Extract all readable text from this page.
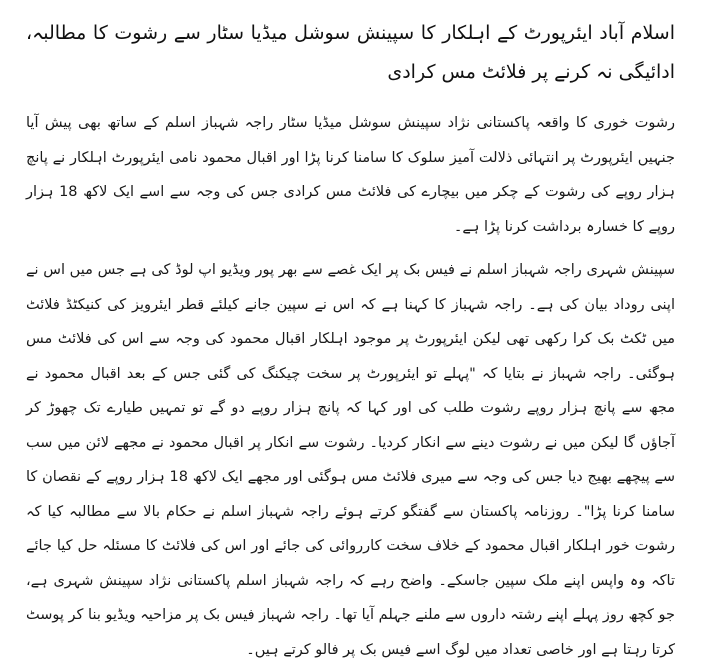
اسلام آباد ایئرپورٹ کے اہلکار کا سپینش سوشل میڈیا سٹار سے رشوت کا مطالبہ، ادائیگی نہ کرنے پر فلائٹ مس کرادی

رشوت خوری کا واقعہ پاکستانی نژاد سپینش سوشل میڈیا سٹار راجہ شہباز اسلم کے ساتھ بھی پیش آیا جنہیں ایئرپورٹ پر انتہائی ذلالت آمیز سلوک کا سامنا کرنا پڑا اور اقبال محمود نامی ایئرپورٹ اہلکار نے پانچ ہزار روپے کی رشوت کے چکر میں بیچارے کی فلائٹ مس کرادی جس کی وجہ سے اسے ایک لاکھ 18 ہزار روپے کا خسارہ برداشت کرنا پڑا ہے۔

سپینش شہری راجہ شہباز اسلم نے فیس بک پر ایک غصے سے بھر پور ویڈیو اپ لوڈ کی ہے جس میں اس نے اپنی روداد بیان کی ہے۔ راجہ شہباز کا کہنا ہے کہ اس نے سپین جانے کیلئے قطر ایئرویز کی کنیکٹڈ فلائٹ میں ٹکٹ بک کرا رکھی تھی لیکن ایئرپورٹ پر موجود اہلکار اقبال محمود کی وجہ سے اس کی فلائٹ مس ہوگئی۔ راجہ شہباز نے بتایا کہ "پہلے تو ایئرپورٹ پر سخت چیکنگ کی گئی جس کے بعد اقبال محمود نے مجھ سے پانچ ہزار روپے رشوت طلب کی اور کہا کہ پانچ ہزار روپے دو گے تو تمہیں طیارے تک چھوڑ کر آجاؤں گا لیکن میں نے رشوت دینے سے انکار کردیا۔ رشوت سے انکار پر اقبال محمود نے مجھے لائن میں سب سے پیچھے بھیج دیا جس کی وجہ سے میری فلائٹ مس ہوگئی اور مجھے ایک لاکھ 18 ہزار روپے کے نقصان کا سامنا کرنا پڑا"۔ روزنامہ پاکستان سے گفتگو کرتے ہوئے راجہ شہباز اسلم نے حکام بالا سے مطالبہ کیا کہ رشوت خور اہلکار اقبال محمود کے خلاف سخت کارروائی کی جائے اور اس کی فلائٹ کا مسئلہ حل کیا جائے تاکہ وہ واپس اپنے ملک سپین جاسکے۔ واضح رہے کہ راجہ شہباز اسلم پاکستانی نژاد سپینش شہری ہے، جو کچھ روز پہلے اپنے رشتہ داروں سے ملنے جہلم آیا تھا۔ راجہ شہباز فیس بک پر مزاحیہ ویڈیو بنا کر پوسٹ کرتا رہتا ہے اور خاصی تعداد میں لوگ اسے فیس بک پر فالو کرتے ہیں۔
